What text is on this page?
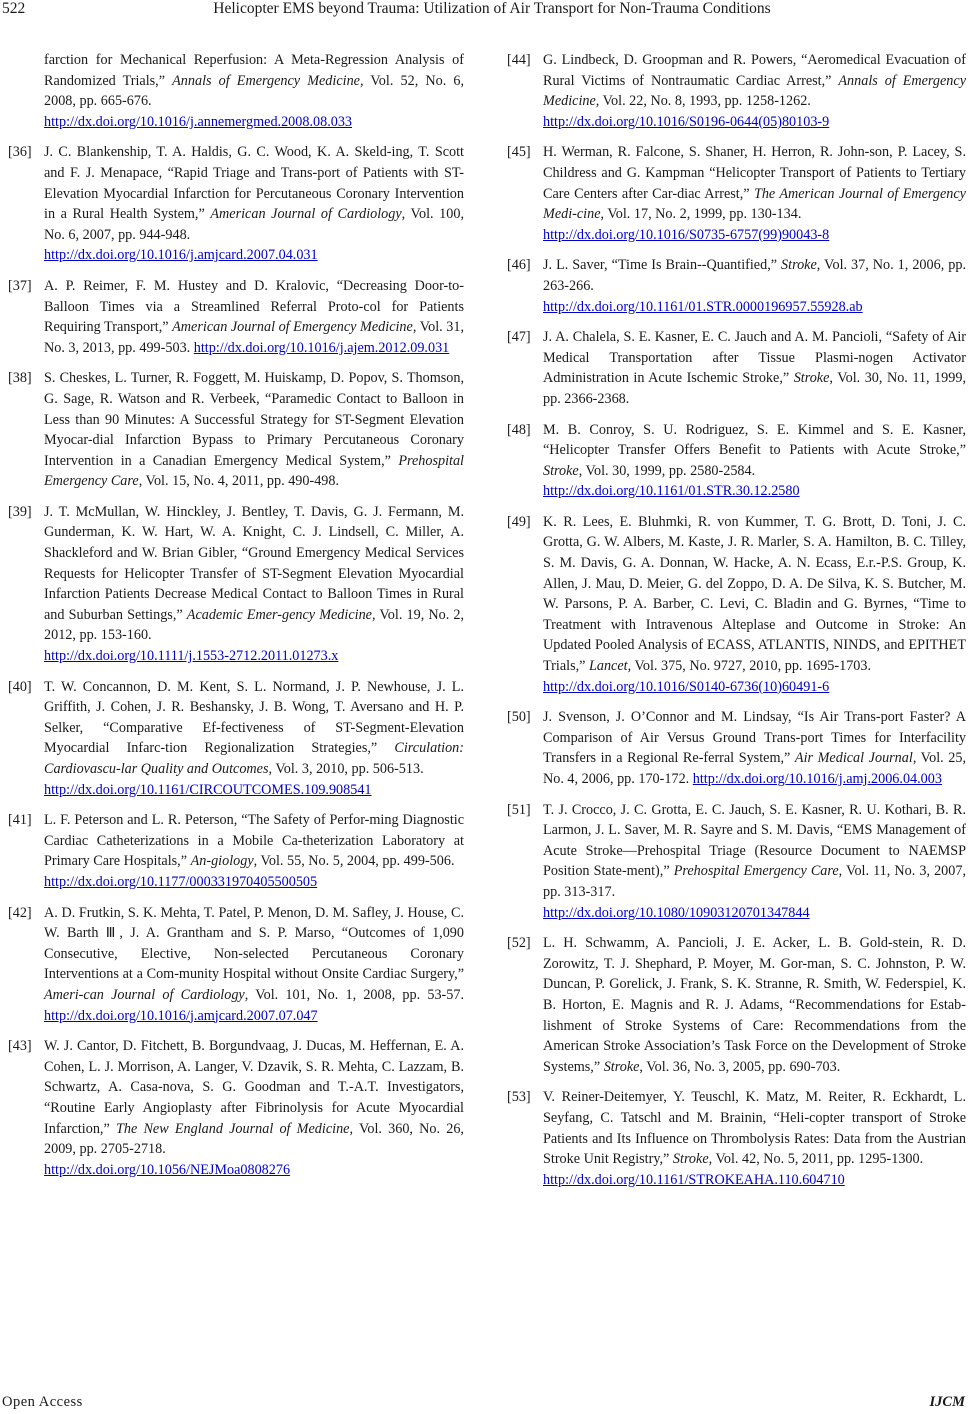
522	Helicopter EMS beyond Trauma: Utilization of Air Transport for Non-Trauma Conditions
farction for Mechanical Reperfusion: A Meta-Regression Analysis of Randomized Trials,” Annals of Emergency Medicine, Vol. 52, No. 6, 2008, pp. 665-676.
http://dx.doi.org/10.1016/j.annemergmed.2008.08.033
[36] J. C. Blankenship, T. A. Haldis, G. C. Wood, K. A. Skeld-ing, T. Scott and F. J. Menapace, “Rapid Triage and Trans-port of Patients with ST-Elevation Myocardial Infarction for Percutaneous Coronary Intervention in a Rural Health System,” American Journal of Cardiology, Vol. 100, No. 6, 2007, pp. 944-948.
http://dx.doi.org/10.1016/j.amjcard.2007.04.031
[37] A. P. Reimer, F. M. Hustey and D. Kralovic, “Decreasing Door-to-Balloon Times via a Streamlined Referral Proto-col for Patients Requiring Transport,” American Journal of Emergency Medicine, Vol. 31, No. 3, 2013, pp. 499-503. http://dx.doi.org/10.1016/j.ajem.2012.09.031
[38] S. Cheskes, L. Turner, R. Foggett, M. Huiskamp, D. Popov, S. Thomson, G. Sage, R. Watson and R. Verbeek, “Paramedic Contact to Balloon in Less than 90 Minutes: A Successful Strategy for ST-Segment Elevation Myocar-dial Infarction Bypass to Primary Percutaneous Coronary Intervention in a Canadian Emergency Medical System,” Prehospital Emergency Care, Vol. 15, No. 4, 2011, pp. 490-498.
[39] J. T. McMullan, W. Hinckley, J. Bentley, T. Davis, G. J. Fermann, M. Gunderman, K. W. Hart, W. A. Knight, C. J. Lindsell, C. Miller, A. Shackleford and W. Brian Gibler, “Ground Emergency Medical Services Requests for Helicopter Transfer of ST-Segment Elevation Myocardial Infarction Patients Decrease Medical Contact to Balloon Times in Rural and Suburban Settings,” Academic Emer-gency Medicine, Vol. 19, No. 2, 2012, pp. 153-160.
http://dx.doi.org/10.1111/j.1553-2712.2011.01273.x
[40] T. W. Concannon, D. M. Kent, S. L. Normand, J. P. Newhouse, J. L. Griffith, J. Cohen, J. R. Beshansky, J. B. Wong, T. Aversano and H. P. Selker, “Comparative Ef-fectiveness of ST-Segment-Elevation Myocardial Infarc-tion Regionalization Strategies,” Circulation: Cardiovascu-lar Quality and Outcomes, Vol. 3, 2010, pp. 506-513.
http://dx.doi.org/10.1161/CIRCOUTCOMES.109.908541
[41] L. F. Peterson and L. R. Peterson, “The Safety of Perfor-ming Diagnostic Cardiac Catheterizations in a Mobile Ca-theterization Laboratory at Primary Care Hospitals,” An-giology, Vol. 55, No. 5, 2004, pp. 499-506.
http://dx.doi.org/10.1177/000331970405500505
[42] A. D. Frutkin, S. K. Mehta, T. Patel, P. Menon, D. M. Safley, J. House, C. W. Barth Ⅲ, J. A. Grantham and S. P. Marso, “Outcomes of 1,090 Consecutive, Elective, Non-selected Percutaneous Coronary Interventions at a Com-munity Hospital without Onsite Cardiac Surgery,” Ameri-can Journal of Cardiology, Vol. 101, No. 1, 2008, pp. 53-57. http://dx.doi.org/10.1016/j.amjcard.2007.07.047
[43] W. J. Cantor, D. Fitchett, B. Borgundvaag, J. Ducas, M. Heffernan, E. A. Cohen, L. J. Morrison, A. Langer, V. Dzavik, S. R. Mehta, C. Lazzam, B. Schwartz, A. Casa-nova, S. G. Goodman and T.-A.T. Investigators, “Routine Early Angioplasty after Fibrinolysis for Acute Myocardial Infarction,” The New England Journal of Medicine, Vol. 360, No. 26, 2009, pp. 2705-2718.
http://dx.doi.org/10.1056/NEJMoa0808276
[44] G. Lindbeck, D. Groopman and R. Powers, “Aeromedical Evacuation of Rural Victims of Nontraumatic Cardiac Arrest,” Annals of Emergency Medicine, Vol. 22, No. 8, 1993, pp. 1258-1262.
http://dx.doi.org/10.1016/S0196-0644(05)80103-9
[45] H. Werman, R. Falcone, S. Shaner, H. Herron, R. John-son, P. Lacey, S. Childress and G. Kampman “Helicopter Transport of Patients to Tertiary Care Centers after Car-diac Arrest,” The American Journal of Emergency Medi-cine, Vol. 17, No. 2, 1999, pp. 130-134.
http://dx.doi.org/10.1016/S0735-6757(99)90043-8
[46] J. L. Saver, “Time Is Brain--Quantified,” Stroke, Vol. 37, No. 1, 2006, pp. 263-266.
http://dx.doi.org/10.1161/01.STR.0000196957.55928.ab
[47] J. A. Chalela, S. E. Kasner, E. C. Jauch and A. M. Pancioli, “Safety of Air Medical Transportation after Tissue Plasmi-nogen Activator Administration in Acute Ischemic Stroke,” Stroke, Vol. 30, No. 11, 1999, pp. 2366-2368.
[48] M. B. Conroy, S. U. Rodriguez, S. E. Kimmel and S. E. Kasner, “Helicopter Transfer Offers Benefit to Patients with Acute Stroke,” Stroke, Vol. 30, 1999, pp. 2580-2584.
http://dx.doi.org/10.1161/01.STR.30.12.2580
[49] K. R. Lees, E. Bluhmki, R. von Kummer, T. G. Brott, D. Toni, J. C. Grotta, G. W. Albers, M. Kaste, J. R. Marler, S. A. Hamilton, B. C. Tilley, S. M. Davis, G. A. Donnan, W. Hacke, A. N. Ecass, E.r.-P.S. Group, K. Allen, J. Mau, D. Meier, G. del Zoppo, D. A. De Silva, K. S. Butcher, M. W. Parsons, P. A. Barber, C. Levi, C. Bladin and G. Byrnes, “Time to Treatment with Intravenous Alteplase and Outcome in Stroke: An Updated Pooled Analysis of ECASS, ATLANTIS, NINDS, and EPITHET Trials,” Lancet, Vol. 375, No. 9727, 2010, pp. 1695-1703.
http://dx.doi.org/10.1016/S0140-6736(10)60491-6
[50] J. Svenson, J. O’Connor and M. Lindsay, “Is Air Trans-port Faster? A Comparison of Air Versus Ground Trans-port Times for Interfacility Transfers in a Regional Re-ferral System,” Air Medical Journal, Vol. 25, No. 4, 2006, pp. 170-172. http://dx.doi.org/10.1016/j.amj.2006.04.003
[51] T. J. Crocco, J. C. Grotta, E. C. Jauch, S. E. Kasner, R. U. Kothari, B. R. Larmon, J. L. Saver, M. R. Sayre and S. M. Davis, “EMS Management of Acute Stroke—Prehospital Triage (Resource Document to NAEMSP Position State-ment),” Prehospital Emergency Care, Vol. 11, No. 3, 2007, pp. 313-317.
http://dx.doi.org/10.1080/10903120701347844
[52] L. H. Schwamm, A. Pancioli, J. E. Acker, L. B. Gold-stein, R. D. Zorowitz, T. J. Shephard, P. Moyer, M. Gor-man, S. C. Johnston, P. W. Duncan, P. Gorelick, J. Frank, S. K. Stranne, R. Smith, W. Federspiel, K. B. Horton, E. Magnis and R. J. Adams, “Recommendations for Estab-lishment of Stroke Systems of Care: Recommendations from the American Stroke Association’s Task Force on the Development of Stroke Systems,” Stroke, Vol. 36, No. 3, 2005, pp. 690-703.
[53] V. Reiner-Deitemyer, Y. Teuschl, K. Matz, M. Reiter, R. Eckhardt, L. Seyfang, C. Tatschl and M. Brainin, “Heli-copter transport of Stroke Patients and Its Influence on Thrombolysis Rates: Data from the Austrian Stroke Unit Registry,” Stroke, Vol. 42, No. 5, 2011, pp. 1295-1300.
http://dx.doi.org/10.1161/STROKEAHA.110.604710
Open Access	IJCM
